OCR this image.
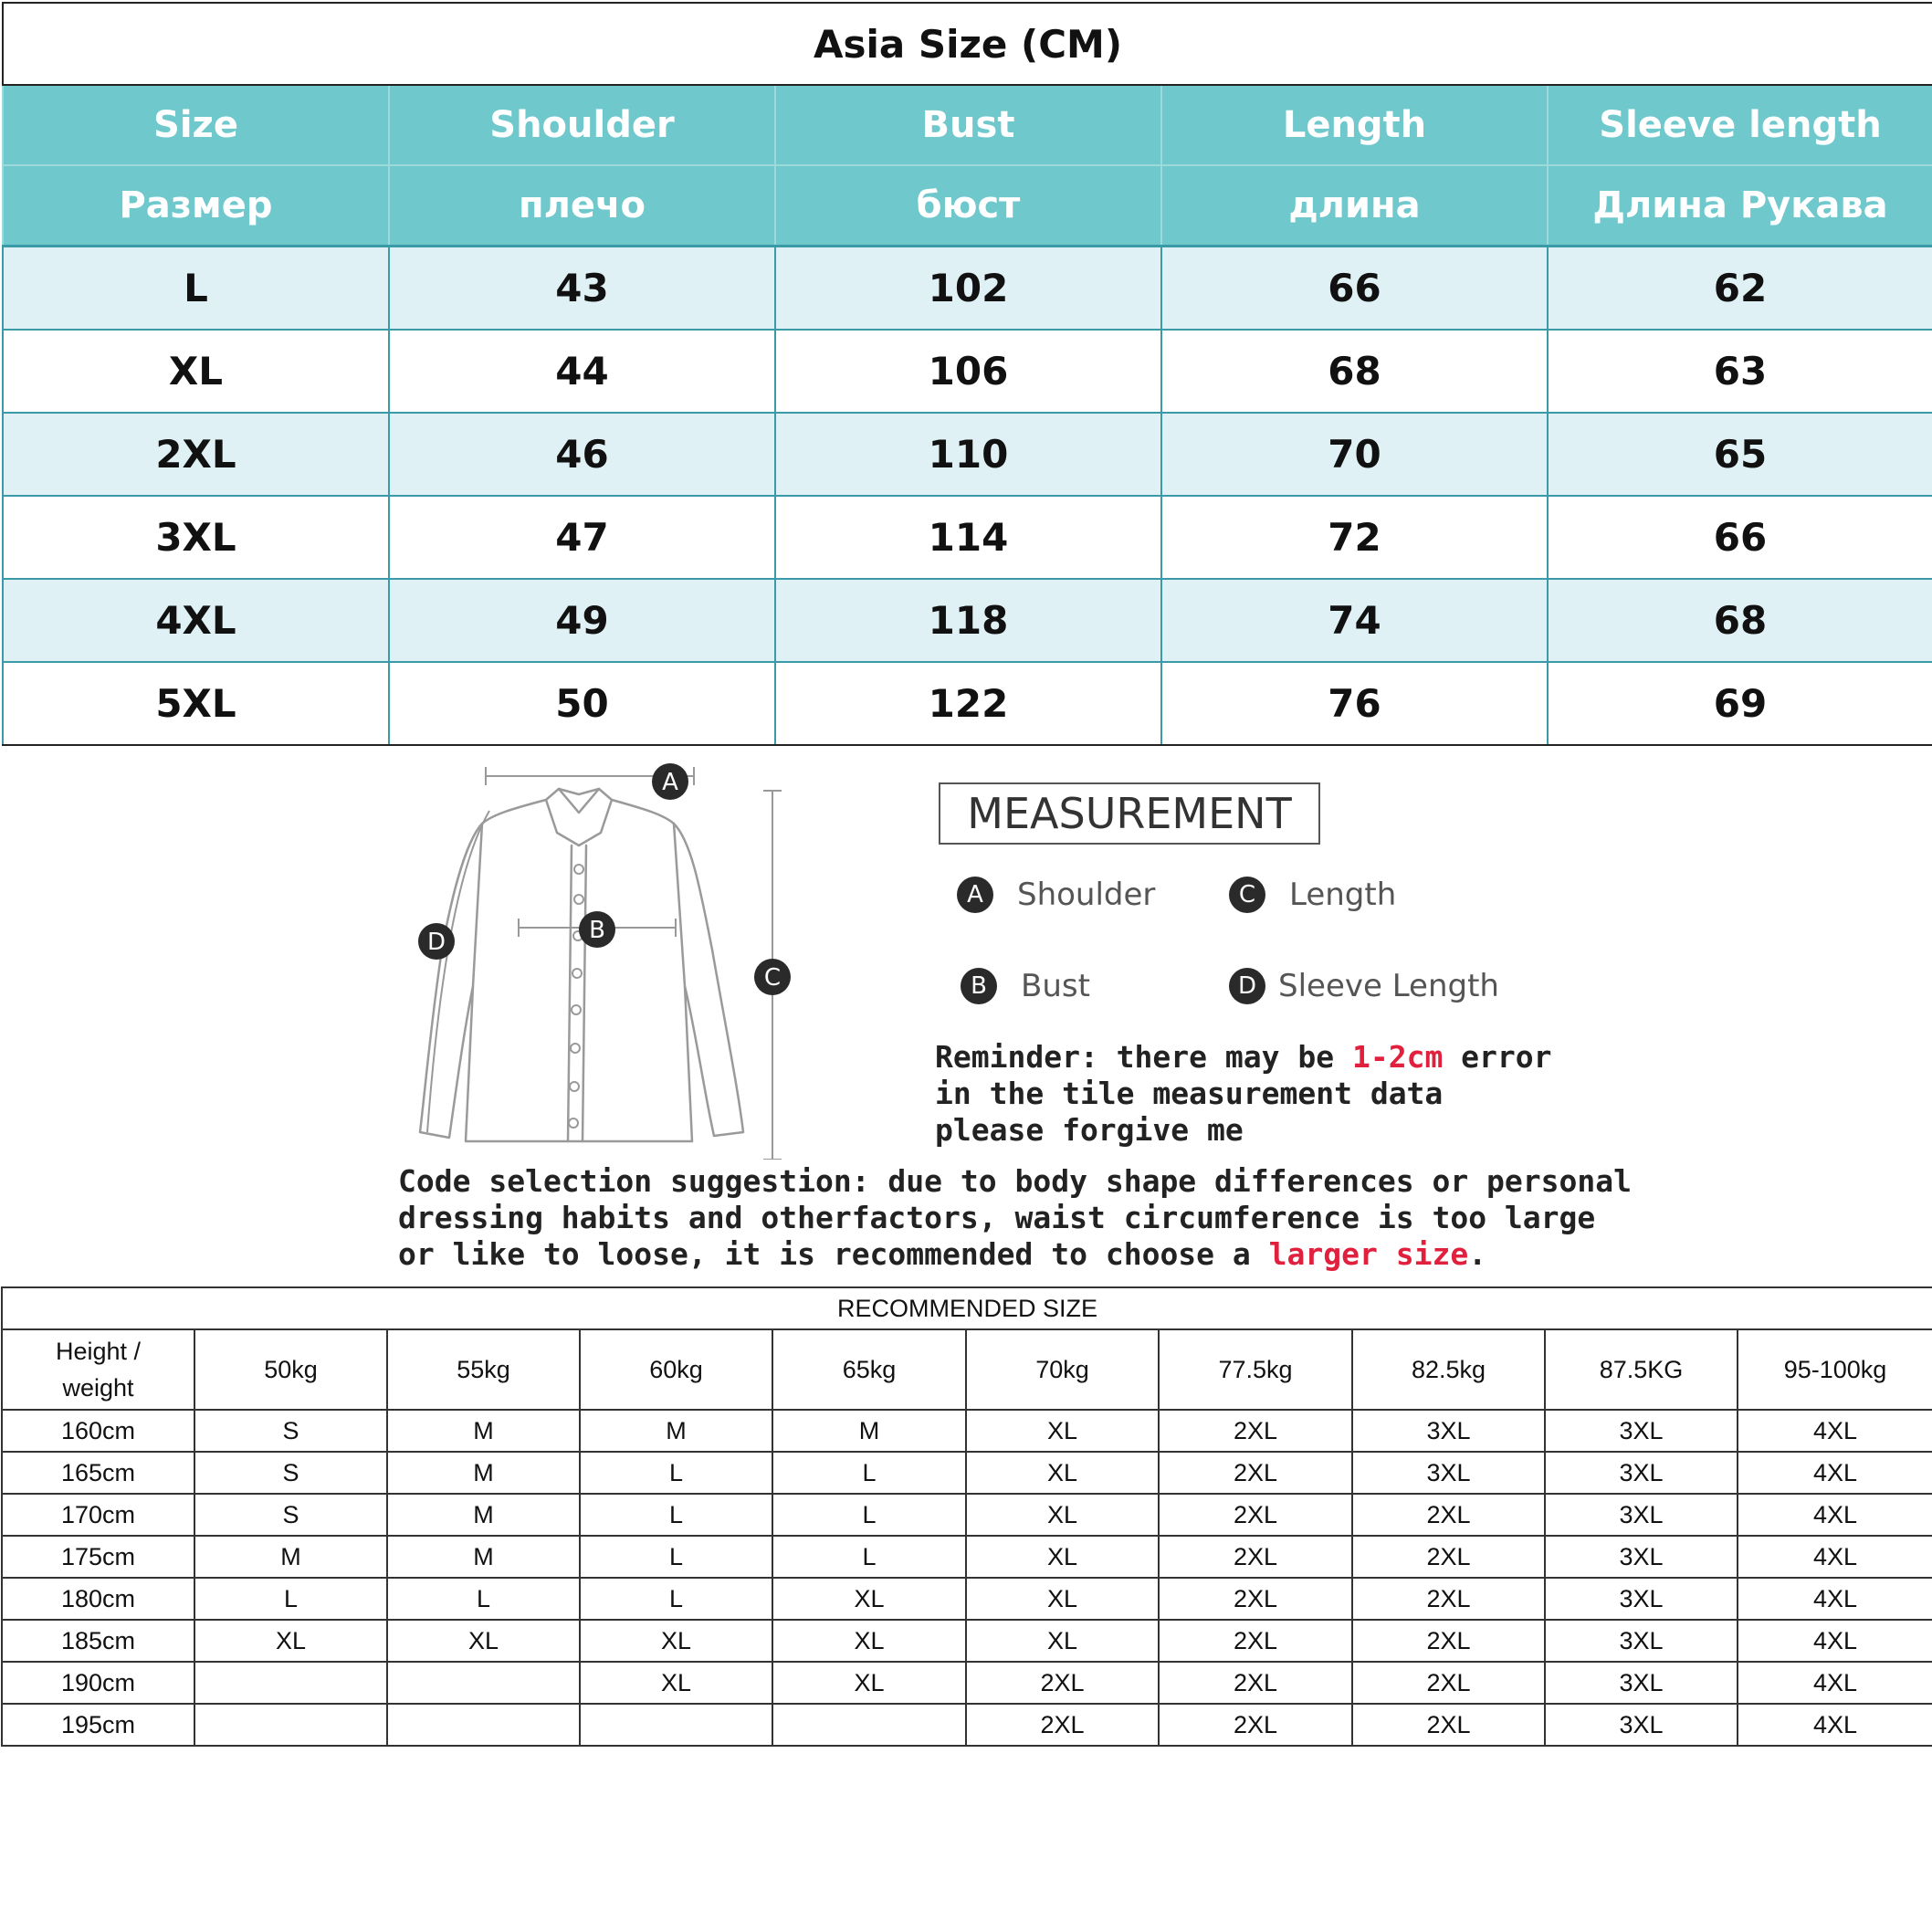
Asia Size (CM)				
Size	Shoulder	Bust	Length	Sleeve length
Размер	плечо	бюст	длина	Длина Рукава
L	43	102	66	62
XL	44	106	68	63
2XL	46	110	70	65
3XL	47	114	72	66
4XL	49	118	74	68
5XL	50	122	76	69
A
B
C
D
MEASUREMENT
A	Shoulder	C	Length
B	Bust	D Sleeve Length
Reminder: there may be 1-2cm error
in the tile measurement data
please forgive me
Code selection suggestion: due to body shape differences or personal
dressing habits and otherfactors, waist circumference is too large
or like to loose, it is recommended to choose a larger size.
RECOMMENDED SIZE									

Height /
weight	50kg	55kg	60kg	65kg	70kg	77.5kg	82.5kg	87.5KG	95-100kg
160cm	S	M	M	M	XL	2XL	3XL	3XL	4XL
165cm	S	M	L	L	XL	2XL	3XL	3XL	4XL
170cm	S	M	L	L	XL	2XL	2XL	3XL	4XL
175cm	M	M	L	L	XL	2XL	2XL	3XL	4XL
180cm	L	L	L	XL	XL	2XL	2XL	3XL	4XL
185cm	XL	XL	XL	XL	XL	2XL	2XL	3XL	4XL
190cm			XL	XL	2XL	2XL	2XL	3XL	4XL
195cm					2XL	2XL	2XL	3XL	4XL
